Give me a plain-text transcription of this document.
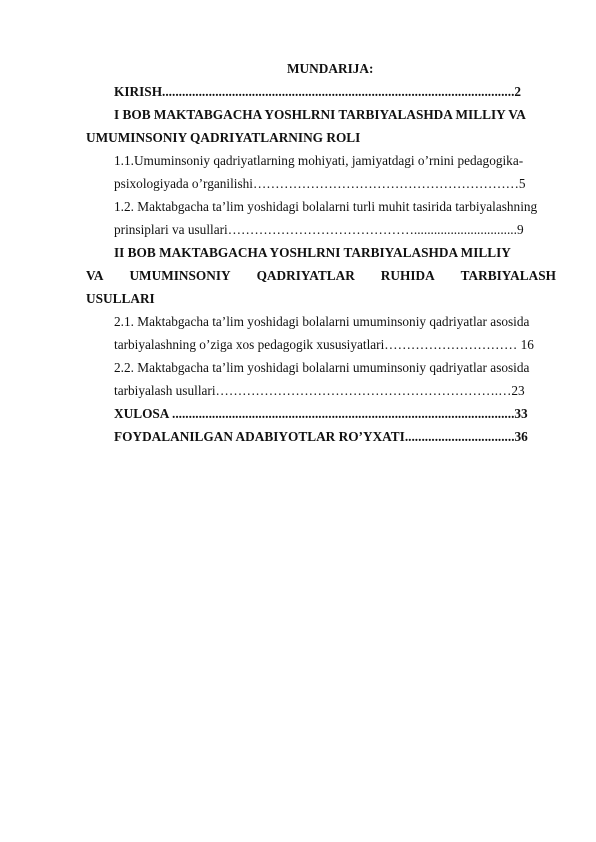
MUNDARIJA:
KIRISH..........................................................................................................2
I BOB MAKTABGACHA YOSHLRNI TARBIYALASHDA MILLIY VA
UMUMINSONIY QADRIYATLARNING ROLI
1.1.Umuminsoniy qadriyatlarning mohiyati, jamiyatdagi o’rnini pedagogika-
psixologiyada o’rganilishi……………………………………………………5
1.2. Maktabgacha ta’lim yoshidagi bolalarni turli muhit tasirida tarbiyalashning
prinsiplari va usullari……………………………………...............................9
II BOB MAKTABGACHA YOSHLRNI TARBIYALASHDA MILLIY
VA UMUMINSONIY QADRIYATLAR RUHIDA TARBIYALASH
USULLARI
2.1. Maktabgacha ta’lim yoshidagi bolalarni umuminsoniy qadriyatlar asosida
tarbiyalashning o’ziga xos pedagogik xususiyatlari………………………… 16
2.2. Maktabgacha ta’lim yoshidagi bolalarni umuminsoniy qadriyatlar asosida
tarbiyalash usullari……………………………………………………….…23
XULOSA .......................................................................................................33
FOYDALANILGAN ADABIYOTLAR RO’YXATI.................................36
